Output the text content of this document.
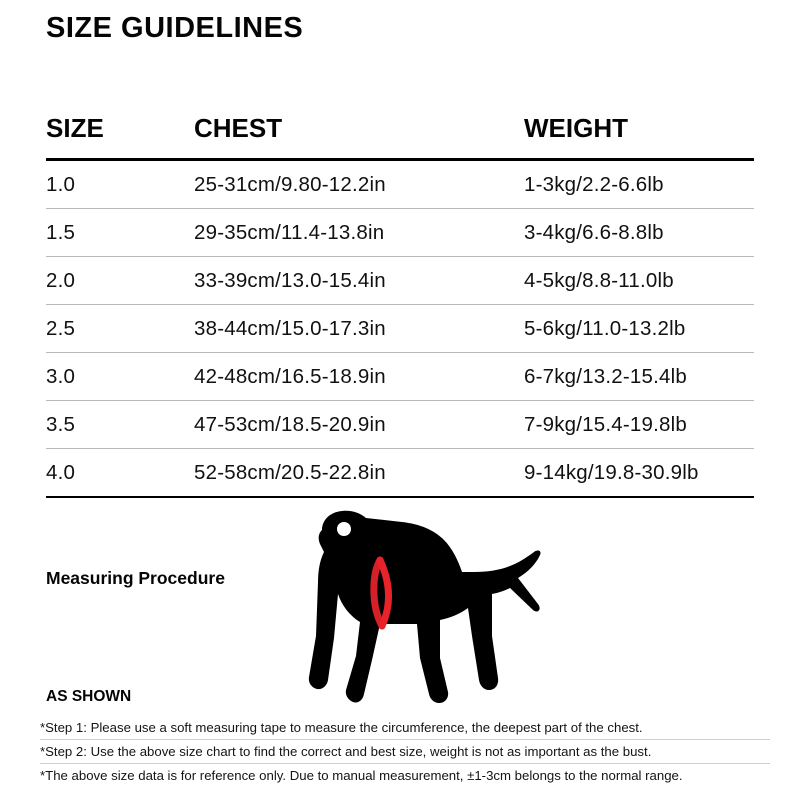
SIZE GUIDELINES
SIZE	CHEST	WEIGHT
1.0	25-31cm/9.80-12.2in	1-3kg/2.2-6.6lb
1.5	29-35cm/11.4-13.8in	3-4kg/6.6-8.8lb
2.0	33-39cm/13.0-15.4in	4-5kg/8.8-11.0lb
2.5	38-44cm/15.0-17.3in	5-6kg/11.0-13.2lb
3.0	42-48cm/16.5-18.9in	6-7kg/13.2-15.4lb
3.5	47-53cm/18.5-20.9in	7-9kg/15.4-19.8lb
4.0	52-58cm/20.5-22.8in	9-14kg/19.8-30.9lb
Measuring Procedure
AS SHOWN
*Step 1: Please use a soft measuring tape to measure the circumference, the deepest part of the chest.
*Step 2: Use the above size chart to find the correct and best size, weight is not as important as the bust.
*The above size data is for reference only. Due to manual measurement, ±1-3cm belongs to the normal range.
